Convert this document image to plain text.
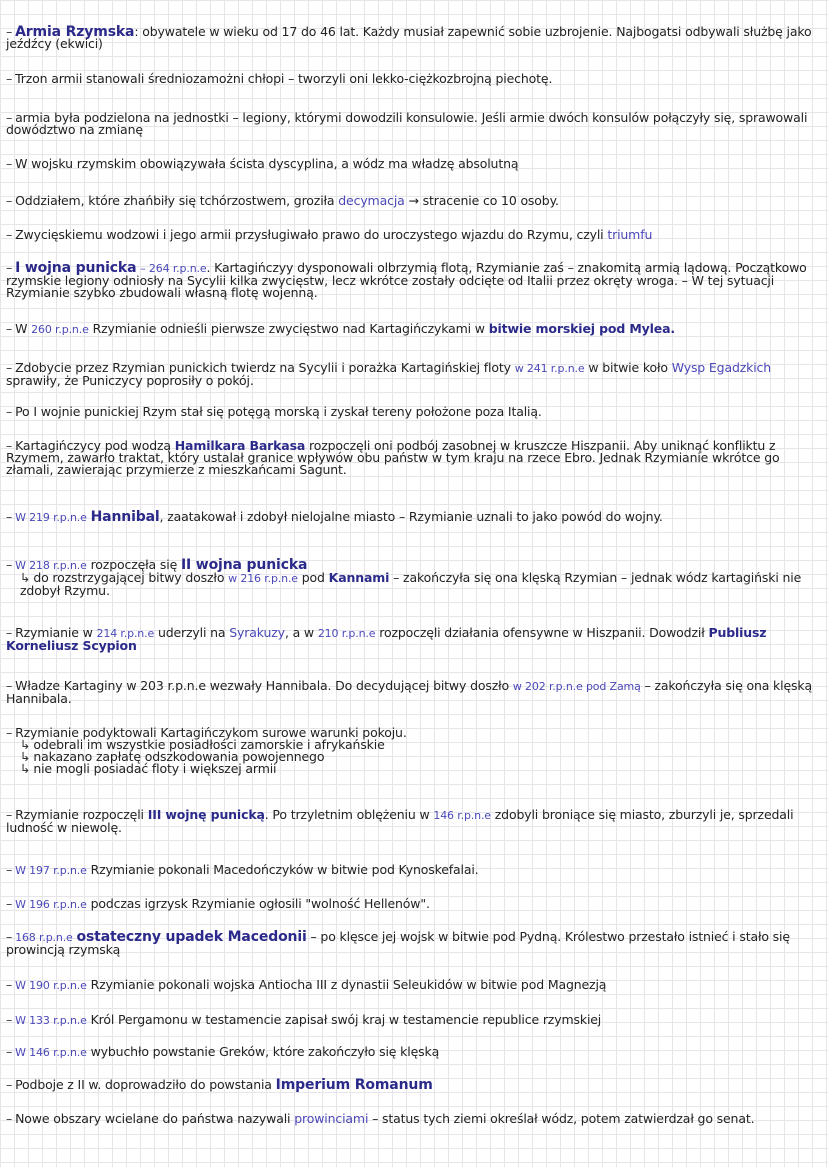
– Armia Rzymska: obywatele w wieku od 17 do 46 lat. Każdy musiał zapewnić sobie uzbrojenie. Najbogatsi odbywali służbę jako jeźdźcy (ekwici)
– Trzon armii stanowali średniozamożni chłopi – tworzyli oni lekko-ciężkozbrojną piechotę.
– armia była podzielona na jednostki – legiony, którymi dowodzili konsulowie. Jeśli armie dwóch konsulów połączyły się, sprawowali dowództwo na zmianę
– W wojsku rzymskim obowiązywała ścista dyscyplina, a wódz ma władzę absolutną
– Oddziałem, które zhańbiły się tchórzostwem, groziła decymacja → stracenie co 10 osoby.
– Zwycięskiemu wodzowi i jego armii przysługiwało prawo do uroczystego wjazdu do Rzymu, czyli triumfu
– I wojna punicka – 264 r.p.n.e. Kartagińczyy dysponowali olbrzymią flotą, Rzymianie zaś – znakomitą armią lądową. Początkowo rzymskie legiony odniosły na Sycylii kilka zwycięstw, lecz wkrótce zostały odcięte od Italii przez okręty wroga. – W tej sytuacji Rzymianie szybko zbudowali własną flotę wojenną.
– W 260 r.p.n.e Rzymianie odnieśli pierwsze zwycięstwo nad Kartagińczykami w bitwie morskiej pod Mylea.
– Zdobycie przez Rzymian punickich twierdz na Sycylii i porażka Kartagińskiej floty w 241 r.p.n.e w bitwie koło Wysp Egadzkich sprawiły, że Puniczycy poprosiły o pokój.
– Po I wojnie punickiej Rzym stał się potęgą morską i zyskał tereny położone poza Italią.
– Kartagińczycy pod wodzą Hamilkara Barkasa rozpoczęli oni podbój zasobnej w kruszcze Hiszpanii. Aby uniknąć konfliktu z Rzymem, zawarło traktat, który ustalał granice wpływów obu państw w tym kraju na rzece Ebro. Jednak Rzymianie wkrótce go złamali, zawierając przymierze z mieszkańcami Sagunt.
– W 219 r.p.n.e Hannibal, zaatakował i zdobył nielojalne miasto – Rzymianie uznali to jako powód do wojny.
– W 218 r.p.n.e rozpoczęła się II wojna punicka
↳ do rozstrzygającej bitwy doszło w 216 r.p.n.e pod Kannami – zakończyła się ona klęską Rzymian – jednak wódz kartagiński nie zdobył Rzymu.
– Rzymianie w 214 r.p.n.e uderzyli na Syrakuzy, a w 210 r.p.n.e rozpoczęli działania ofensywne w Hiszpanii. Dowodził Publiusz Korneliusz Scypion
– Władze Kartaginy w 203 r.p.n.e wezwały Hannibala. Do decydującej bitwy doszło w 202 r.p.n.e pod Zamą – zakończyła się ona klęską Hannibala.
– Rzymianie podyktowali Kartagińczykom surowe warunki pokoju.
↳ odebrali im wszystkie posiadłości zamorskie i afrykańskie
↳ nakazano zapłatę odszkodowania powojennego
↳ nie mogli posiadać floty i większej armii
– Rzymianie rozpoczęli III wojnę punicką. Po trzyletnim oblężeniu w 146 r.p.n.e zdobyli broniące się miasto, zburzyli je, sprzedali ludność w niewolę.
– W 197 r.p.n.e Rzymianie pokonali Macedończyków w bitwie pod Kynoskefalai.
– W 196 r.p.n.e podczas igrzysk Rzymianie ogłosili "wolność Hellenów".
– 168 r.p.n.e ostateczny upadek Macedonii – po klęsce jej wojsk w bitwie pod Pydną. Królestwo przestało istnieć i stało się prowincją rzymską
– W 190 r.p.n.e Rzymianie pokonali wojska Antiocha III z dynastii Seleukidów w bitwie pod Magnezją
– W 133 r.p.n.e Król Pergamonu w testamencie zapisał swój kraj w testamencie republice rzymskiej
– W 146 r.p.n.e wybuchło powstanie Greków, które zakończyło się klęską
– Podboje z II w. doprowadziło do powstania Imperium Romanum
– Nowe obszary wcielane do państwa nazywali prowinciami – status tych ziemi określał wódz, potem zatwierdzał go senat.
